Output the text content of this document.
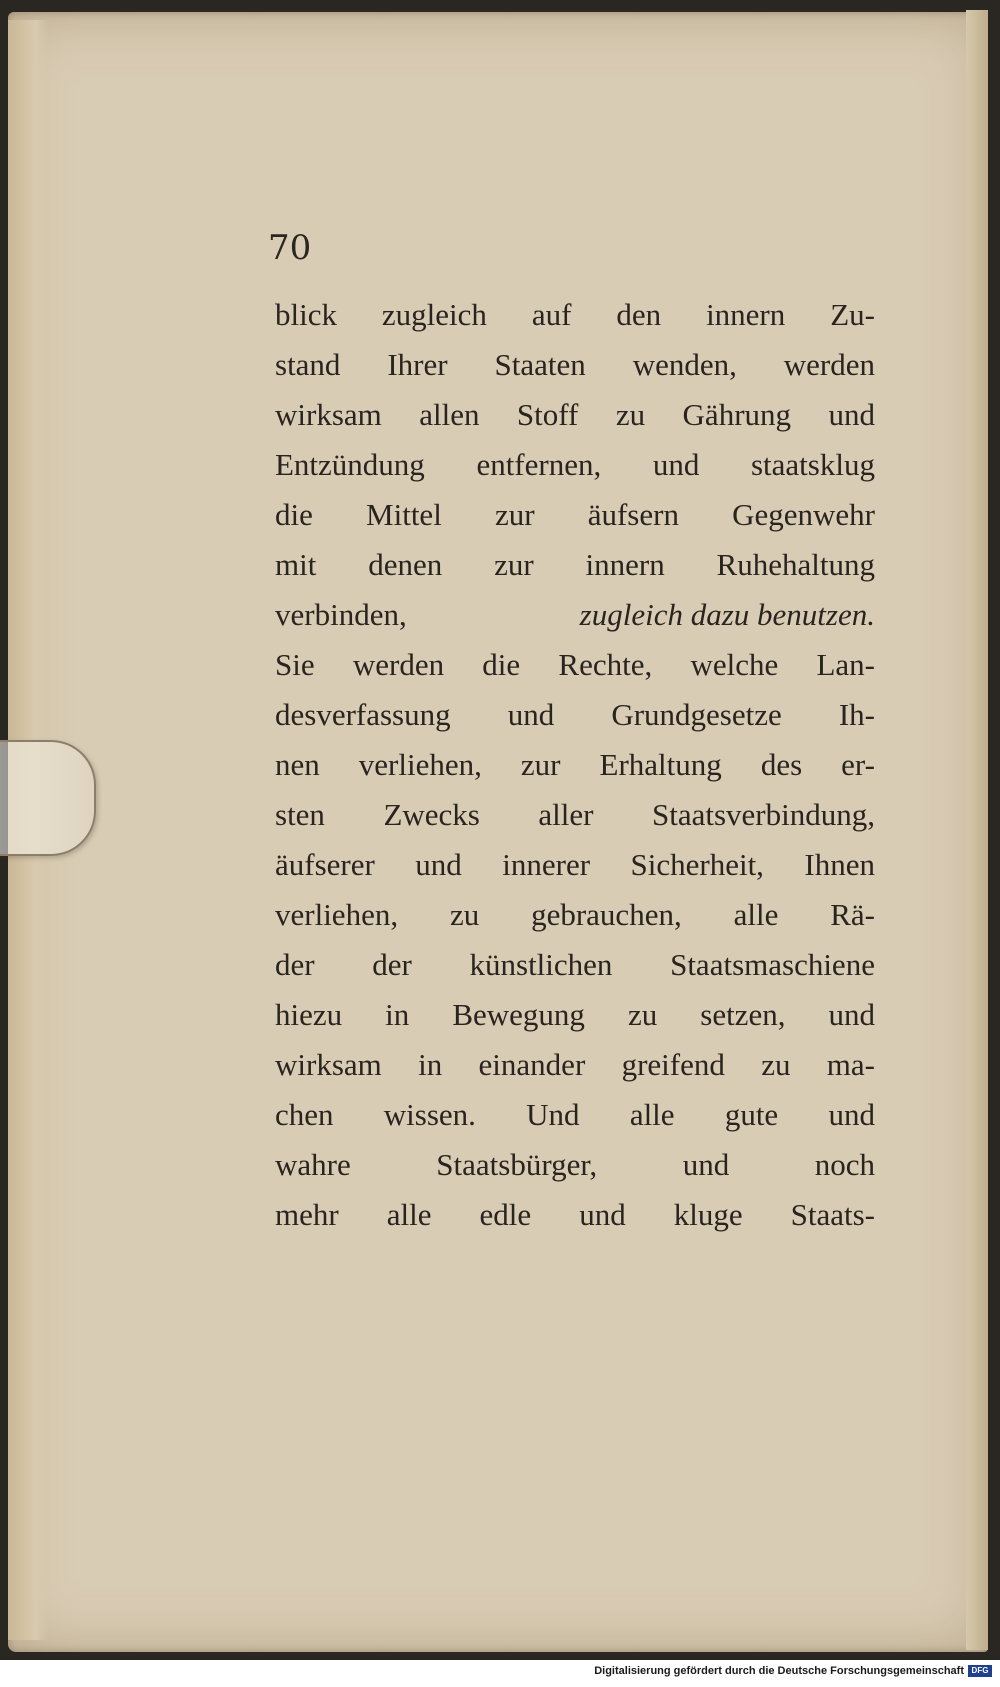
70
blick zugleich auf den innern Zu-
stand Ihrer Staaten wenden, werden
wirksam allen Stoff zu Gährung und
Entzündung entfernen, und staatsklug
die Mittel zur äufsern Gegenwehr
mit denen zur innern Ruhehaltung
verbinden,	zugleich dazu benutzen.
Sie werden die Rechte, welche Lan-
desverfassung und Grundgesetze Ih-
nen verliehen, zur Erhaltung des er-
sten Zwecks aller Staatsverbindung,
äufserer und innerer Sicherheit, Ihnen
verliehen, zu gebrauchen, alle Rä-
der der künstlichen Staatsmaschiene
hiezu in Bewegung zu setzen, und
wirksam in einander greifend zu ma-
chen wissen. Und alle gute und
wahre	Staatsbürger,	und	noch
mehr alle edle und kluge Staats-
Digitalisierung gefördert durch die Deutsche Forschungsgemeinschaft DFG
